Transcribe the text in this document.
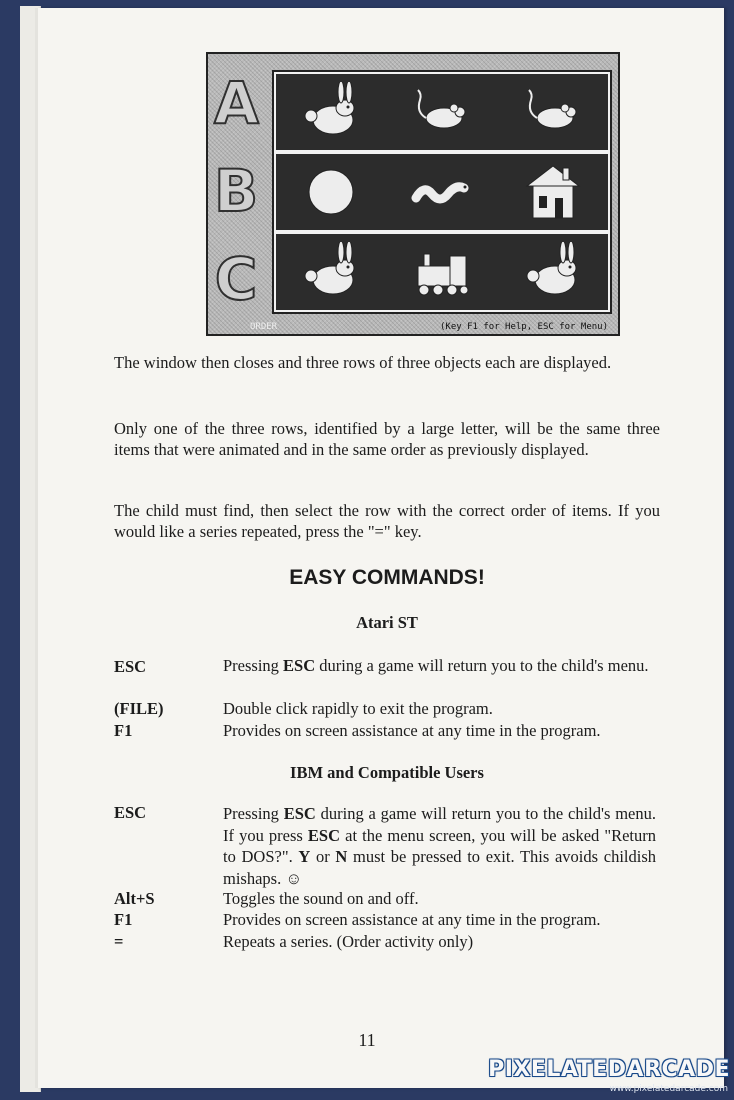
A
B
C
ORDER	(Key F1 for Help, ESC for Menu)

The window then closes and three rows of three objects each are displayed.

Only one of the three rows, identified by a large letter, will be the same three items that were animated and in the same order as previously displayed.

The child must find, then select the row with the correct order of items. If you would like a series repeated, press the "=" key.

EASY COMMANDS!
Atari ST
ESC	Pressing ESC during a game will return you to the child's menu.
(FILE)	Double click rapidly to exit the program.
F1	Provides on screen assistance at any time in the program.
IBM and Compatible Users
ESC	Pressing ESC during a game will return you to the child's menu. If you press ESC at the menu screen, you will be asked "Return to DOS?". Y or N must be pressed to exit. This avoids childish mishaps. ☺
Alt+S	Toggles the sound on and off.
F1	Provides on screen assistance at any time in the program.
=	Repeats a series. (Order activity only)
11
PIXELATEDARCADE
www.pixelatedarcade.com
